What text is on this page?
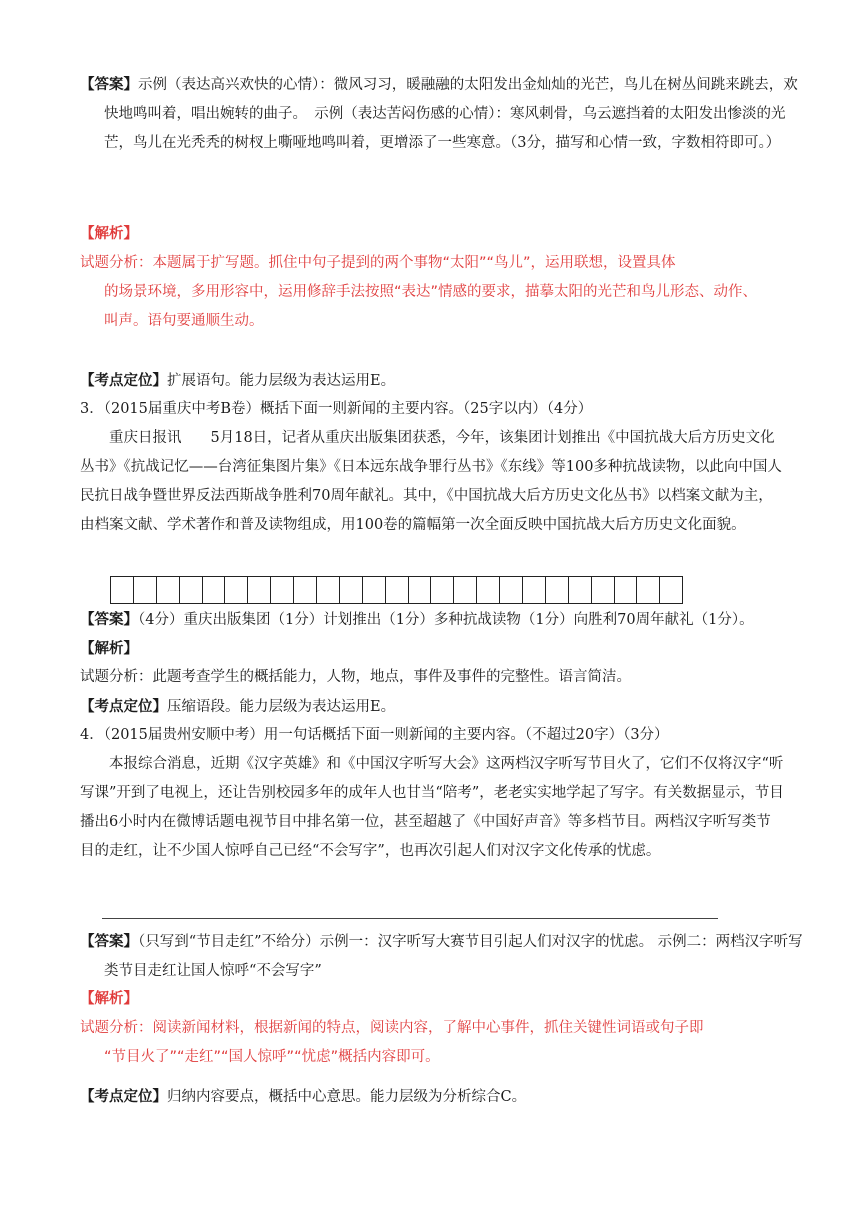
【答案】示例（表达高兴欢快的心情）：微风习习，暖融融的太阳发出金灿灿的光芒，鸟儿在树丛间跳来跳去，欢快地鸣叫着，唱出婉转的曲子。　示例（表达苦闷伤感的心情）：寒风刺骨，乌云遮挡着的太阳发出惨淡的光芒，鸟儿在光秃秃的树杈上嘶哑地鸣叫着，更增添了一些寒意。（3分，描写和心情一致，字数相符即可。）
【解析】
试题分析：本题属于扩写题。抓住中句子提到的两个事物“太阳”“鸟儿”，运用联想，设置具体
的场景环境，多用形容中，运用修辞手法按照“表达”情感的要求，描摹太阳的光芒和鸟儿形态、动作、
叫声。语句要通顺生动。
【考点定位】扩展语句。能力层级为表达运用E。
3．（2015届重庆中考B卷）概括下面一则新闻的主要内容。（25字以内）（4分）
重庆日报讯　　5月18日，记者从重庆出版集团获悉，今年，该集团计划推出《中国抗战大后方历史文化丛书》《抗战记忆——台湾征集图片集》《日本远东战争罪行丛书》《东线》等100多种抗战读物，以此向中国人民抗日战争暨世界反法西斯战争胜利70周年献礼。其中，《中国抗战大后方历史文化丛书》以档案文献为主，由档案文献、学术著作和普及读物组成，用100卷的篇幅第一次全面反映中国抗战大后方历史文化面貌。
【答案】（4分）重庆出版集团（1分）计划推出（1分）多种抗战读物（1分）向胜利70周年献礼（1分）。
【解析】
试题分析：此题考查学生的概括能力，人物，地点，事件及事件的完整性。语言简洁。
【考点定位】压缩语段。能力层级为表达运用E。
4．（2015届贵州安顺中考）用一句话概括下面一则新闻的主要内容。（不超过20字）（3分）
本报综合消息，近期《汉字英雄》和《中国汉字听写大会》这两档汉字听写节目火了，它们不仅将汉字“听写课”开到了电视上，还让告别校园多年的成年人也甘当“陪考”，老老实实地学起了写字。有关数据显示，节目播出6小时内在微博话题电视节目中排名第一位，甚至超越了《中国好声音》等多档节目。两档汉字听写类节目的走红，让不少国人惊呼自己已经“不会写字”，也再次引起人们对汉字文化传承的忧虑。
【答案】（只写到“节目走红”不给分）示例一：汉字听写大赛节目引起人们对汉字的忧虑。 示例二：两档汉字听写类节目走红让国人惊呼“不会写字”
【解析】
试题分析：阅读新闻材料，根据新闻的特点，阅读内容，了解中心事件，抓住关键性词语或句子即
“节目火了”“走红”“国人惊呼”“忧虑”概括内容即可。
【考点定位】归纳内容要点，概括中心意思。能力层级为分析综合C。
